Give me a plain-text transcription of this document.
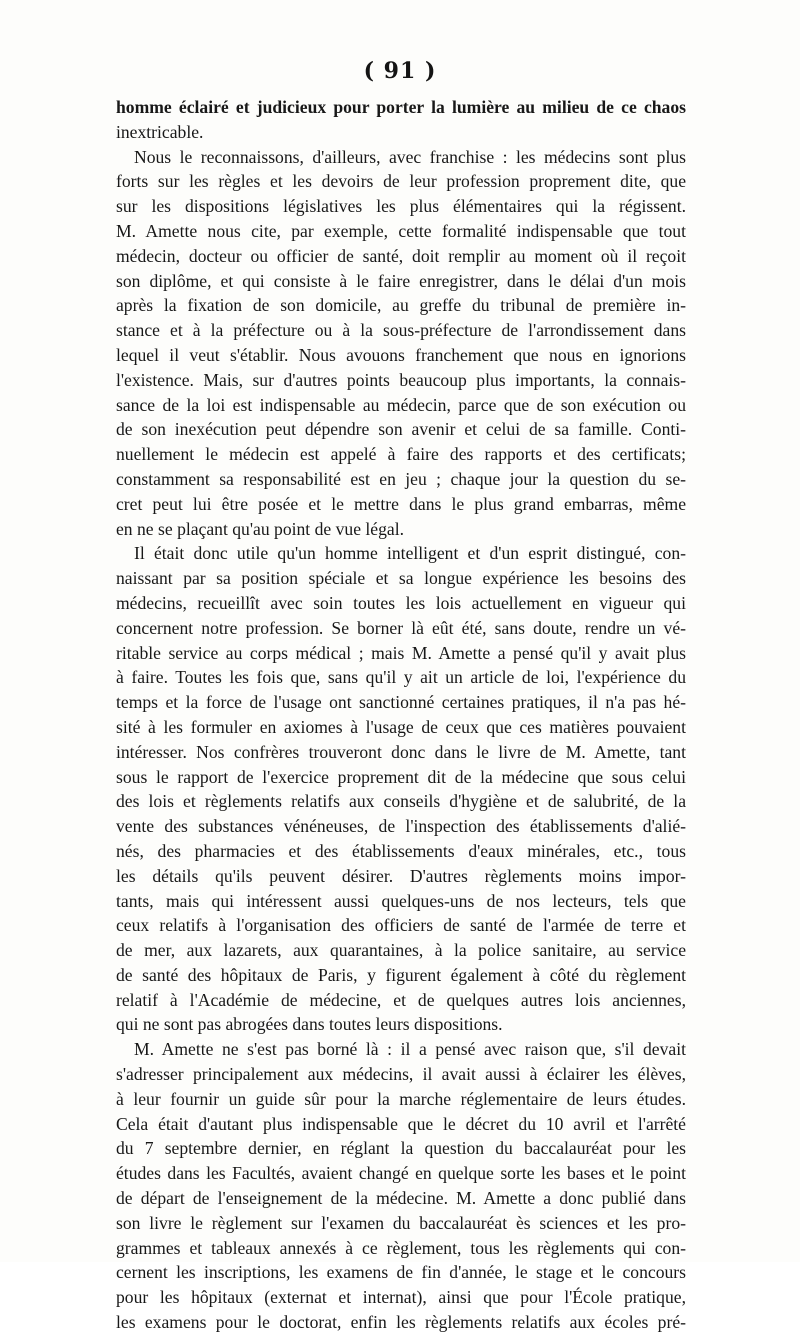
( 91 )
homme éclairé et judicieux pour porter la lumière au milieu de ce chaos
inextricable.
Nous le reconnaissons, d'ailleurs, avec franchise : les médecins sont plus
forts sur les règles et les devoirs de leur profession proprement dite, que
sur les dispositions législatives les plus élémentaires qui la régissent.
M. Amette nous cite, par exemple, cette formalité indispensable que tout
médecin, docteur ou officier de santé, doit remplir au moment où il reçoit
son diplôme, et qui consiste à le faire enregistrer, dans le délai d'un mois
après la fixation de son domicile, au greffe du tribunal de première in-
stance et à la préfecture ou à la sous-préfecture de l'arrondissement dans
lequel il veut s'établir. Nous avouons franchement que nous en ignorions
l'existence. Mais, sur d'autres points beaucoup plus importants, la connais-
sance de la loi est indispensable au médecin, parce que de son exécution ou
de son inexécution peut dépendre son avenir et celui de sa famille. Conti-
nuellement le médecin est appelé à faire des rapports et des certificats;
constamment sa responsabilité est en jeu ; chaque jour la question du se-
cret peut lui être posée et le mettre dans le plus grand embarras, même
en ne se plaçant qu'au point de vue légal.
Il était donc utile qu'un homme intelligent et d'un esprit distingué, con-
naissant par sa position spéciale et sa longue expérience les besoins des
médecins, recueillît avec soin toutes les lois actuellement en vigueur qui
concernent notre profession. Se borner là eût été, sans doute, rendre un vé-
ritable service au corps médical ; mais M. Amette a pensé qu'il y avait plus
à faire. Toutes les fois que, sans qu'il y ait un article de loi, l'expérience du
temps et la force de l'usage ont sanctionné certaines pratiques, il n'a pas hé-
sité à les formuler en axiomes à l'usage de ceux que ces matières pouvaient
intéresser. Nos confrères trouveront donc dans le livre de M. Amette, tant
sous le rapport de l'exercice proprement dit de la médecine que sous celui
des lois et règlements relatifs aux conseils d'hygiène et de salubrité, de la
vente des substances vénéneuses, de l'inspection des établissements d'alié-
nés, des pharmacies et des établissements d'eaux minérales, etc., tous
les détails qu'ils peuvent désirer. D'autres règlements moins impor-
tants, mais qui intéressent aussi quelques-uns de nos lecteurs, tels que
ceux relatifs à l'organisation des officiers de santé de l'armée de terre et
de mer, aux lazarets, aux quarantaines, à la police sanitaire, au service
de santé des hôpitaux de Paris, y figurent également à côté du règlement
relatif à l'Académie de médecine, et de quelques autres lois anciennes,
qui ne sont pas abrogées dans toutes leurs dispositions.
M. Amette ne s'est pas borné là : il a pensé avec raison que, s'il devait
s'adresser principalement aux médecins, il avait aussi à éclairer les élèves,
à leur fournir un guide sûr pour la marche réglementaire de leurs études.
Cela était d'autant plus indispensable que le décret du 10 avril et l'arrêté
du 7 septembre dernier, en réglant la question du baccalauréat pour les
études dans les Facultés, avaient changé en quelque sorte les bases et le point
de départ de l'enseignement de la médecine. M. Amette a donc publié dans
son livre le règlement sur l'examen du baccalauréat ès sciences et les pro-
grammes et tableaux annexés à ce règlement, tous les règlements qui con-
cernent les inscriptions, les examens de fin d'année, le stage et le concours
pour les hôpitaux (externat et internat), ainsi que pour l'École pratique,
les examens pour le doctorat, enfin les règlements relatifs aux écoles pré-
